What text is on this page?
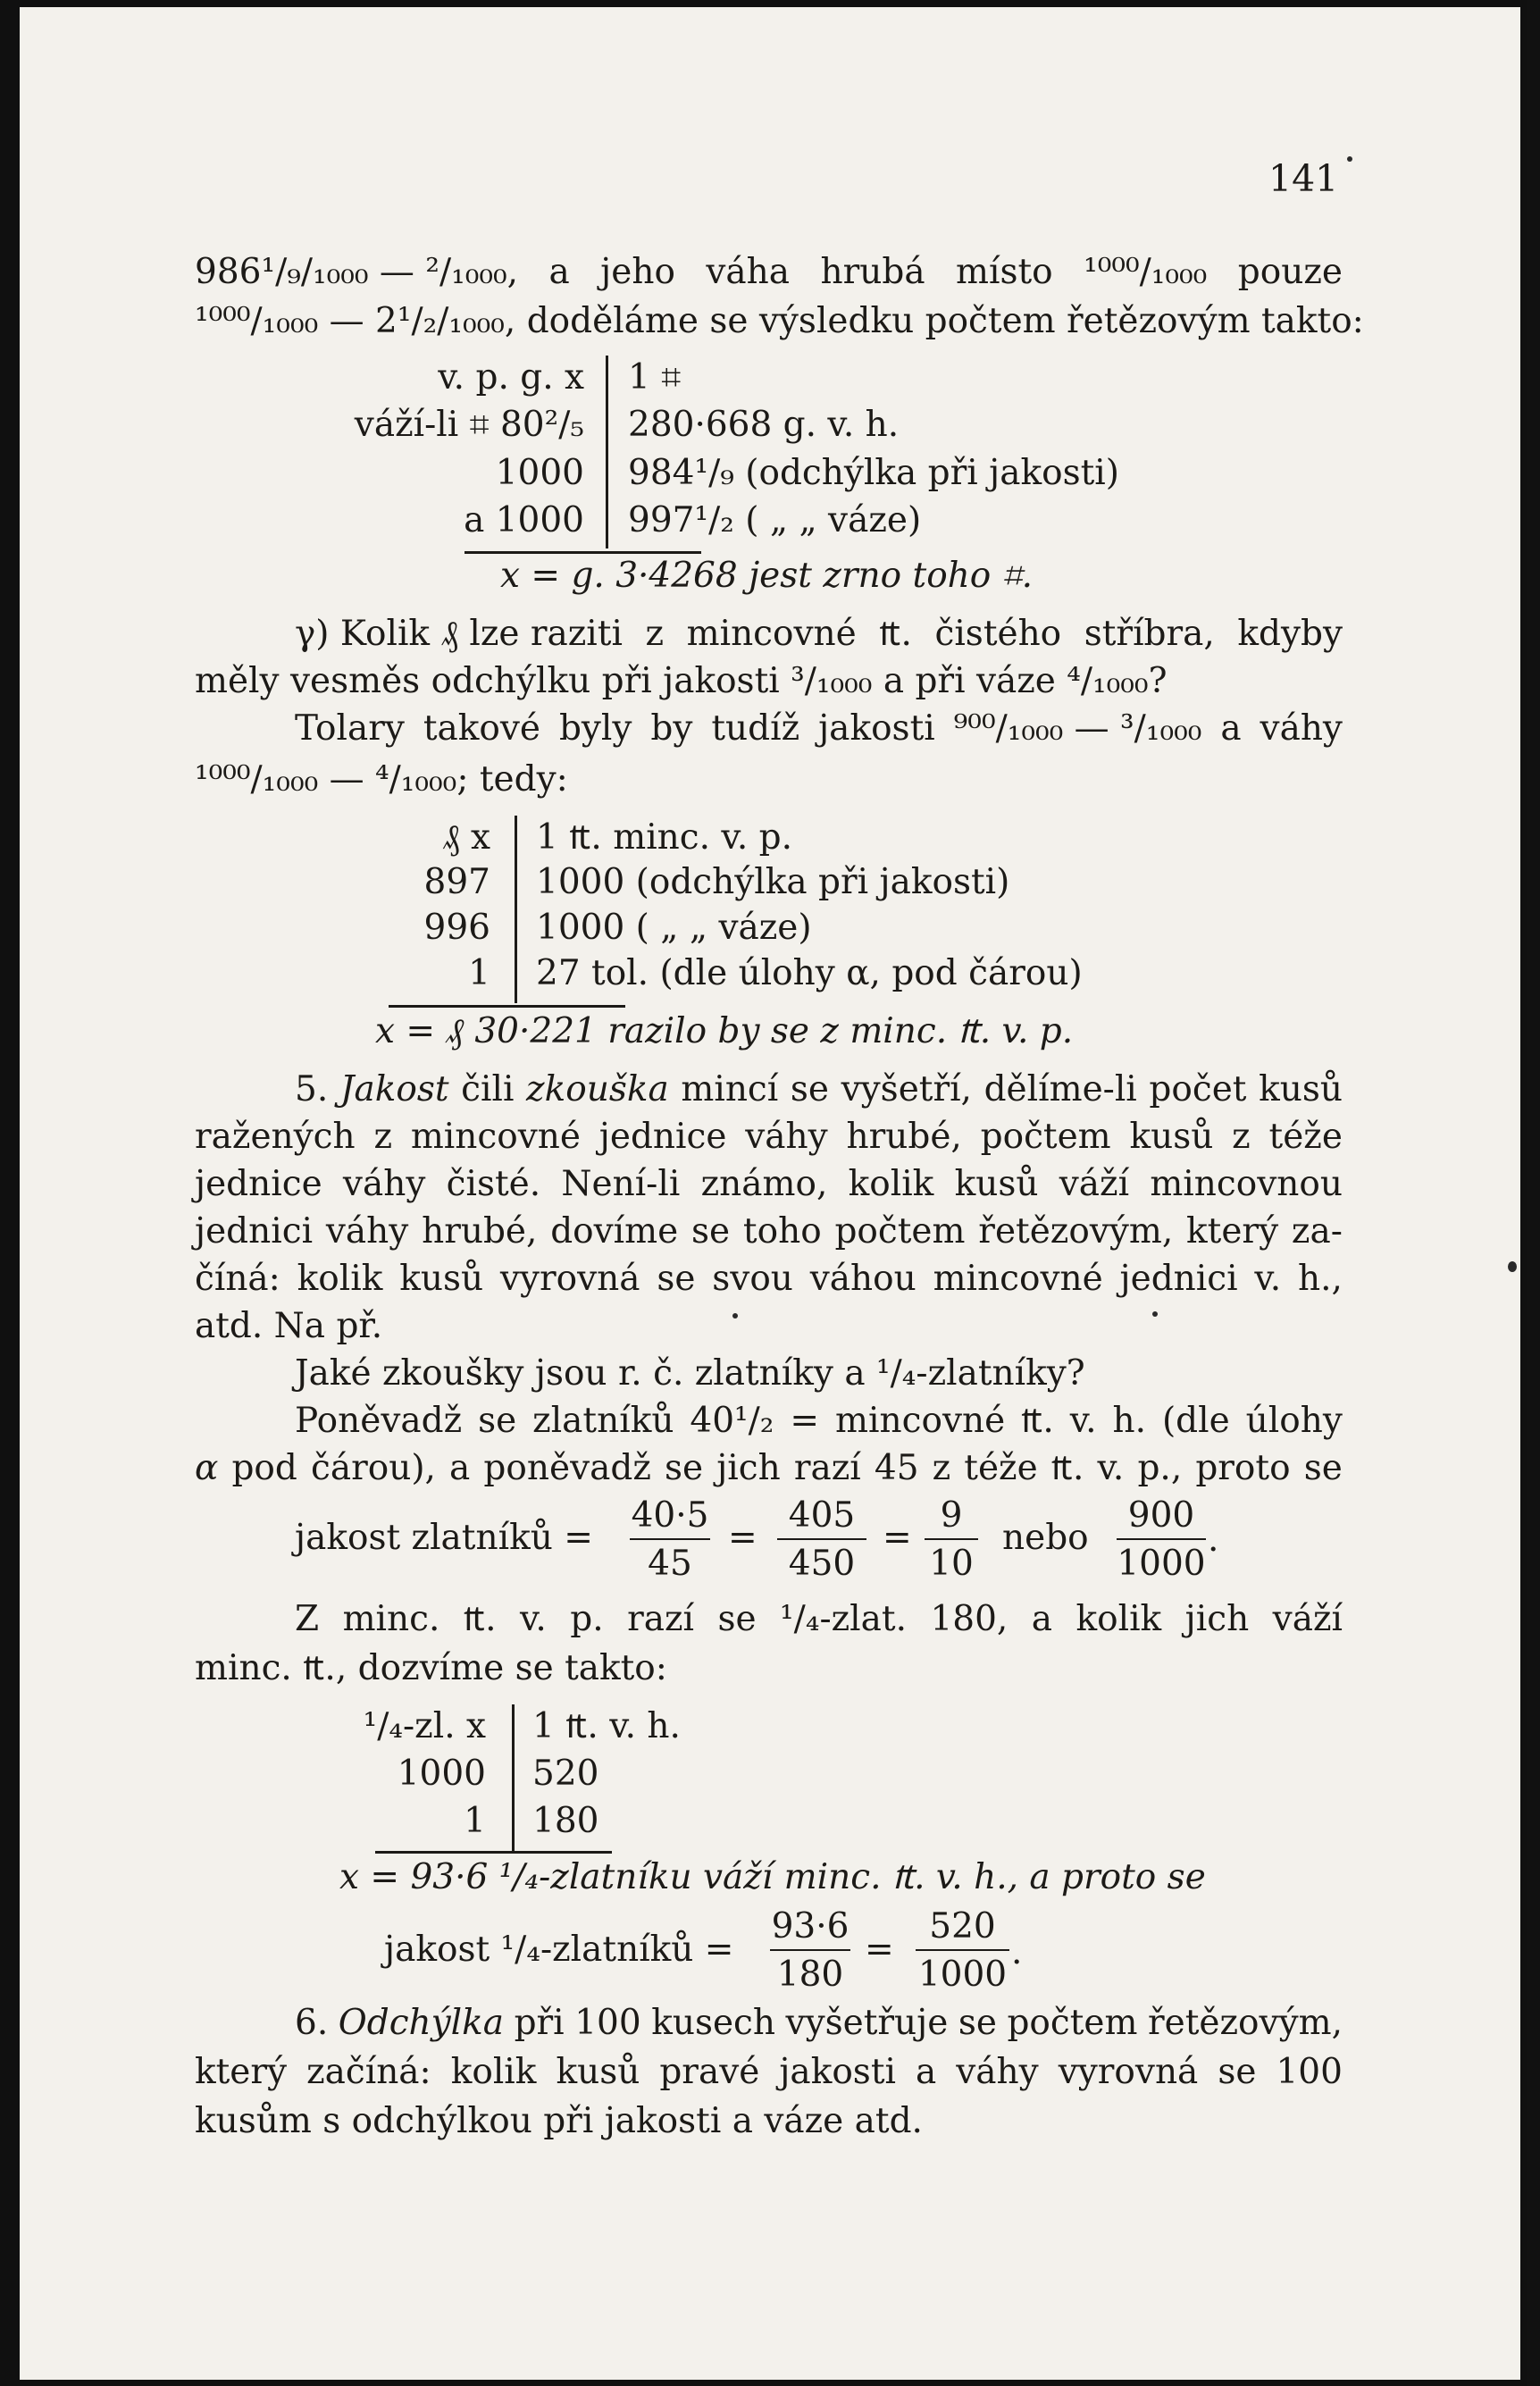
141
986¹/₉/₁₀₀₀ — ²/₁₀₀₀, a jeho váha hrubá místo ¹⁰⁰⁰/₁₀₀₀ pouze
¹⁰⁰⁰/₁₀₀₀ — 2¹/₂/₁₀₀₀, doděláme se výsledku počtem řetězovým takto:
v. p. g. x
váží-li ⌗ 80²/₅
1000
a 1000
1 ⌗
280·668 g. v. h.
984¹/₉ (odchýlka při jakosti)
997¹/₂ ( „ „ váze)
x = g. 3·4268 jest zrno toho ⌗.
γ) Kolik ₰ lze raziti z mincovné ₶. čistého stříbra, kdyby
měly vesměs odchýlku při jakosti ³/₁₀₀₀ a při váze ⁴/₁₀₀₀?
Tolary takové byly by tudíž jakosti ⁹⁰⁰/₁₀₀₀ — ³/₁₀₀₀ a váhy
¹⁰⁰⁰/₁₀₀₀ — ⁴/₁₀₀₀; tedy:
₰ x
897
996
1
1 ₶. minc. v. p.
1000 (odchýlka při jakosti)
1000 ( „ „ váze)
27 tol. (dle úlohy α, pod čárou)
x = ₰ 30·221 razilo by se z minc. ₶. v. p.
5. Jakost čili zkouška mincí se vyšetří, dělíme-li počet kusů
ražených z mincovné jednice váhy hrubé, počtem kusů z téže
jednice váhy čisté. Není-li známo, kolik kusů váží mincovnou
jednici váhy hrubé, dovíme se toho počtem řetězovým, který za-
číná: kolik kusů vyrovná se svou váhou mincovné jednici v. h.,
atd. Na př.
Jaké zkoušky jsou r. č. zlatníky a ¹/₄-zlatníky?
Poněvadž se zlatníků 40¹/₂ = mincovné ₶. v. h. (dle úlohy
α pod čárou), a poněvadž se jich razí 45 z téže ₶. v. p., proto se
jakost zlatníků =
40·5
45
=
405
450
=
9
10
nebo
900
1000
.
Z minc. ₶. v. p. razí se ¹/₄-zlat. 180, a kolik jich váží
minc. ₶., dozvíme se takto:
¹/₄-zl. x
1000
1
1 ₶. v. h.
520
180
x = 93·6 ¹/₄-zlatníku váží minc. ₶. v. h., a proto se
jakost ¹/₄-zlatníků =
93·6
180
=
520
1000
.
6. Odchýlka při 100 kusech vyšetřuje se počtem řetězovým,
který začíná: kolik kusů pravé jakosti a váhy vyrovná se 100
kusům s odchýlkou při jakosti a váze atd.
